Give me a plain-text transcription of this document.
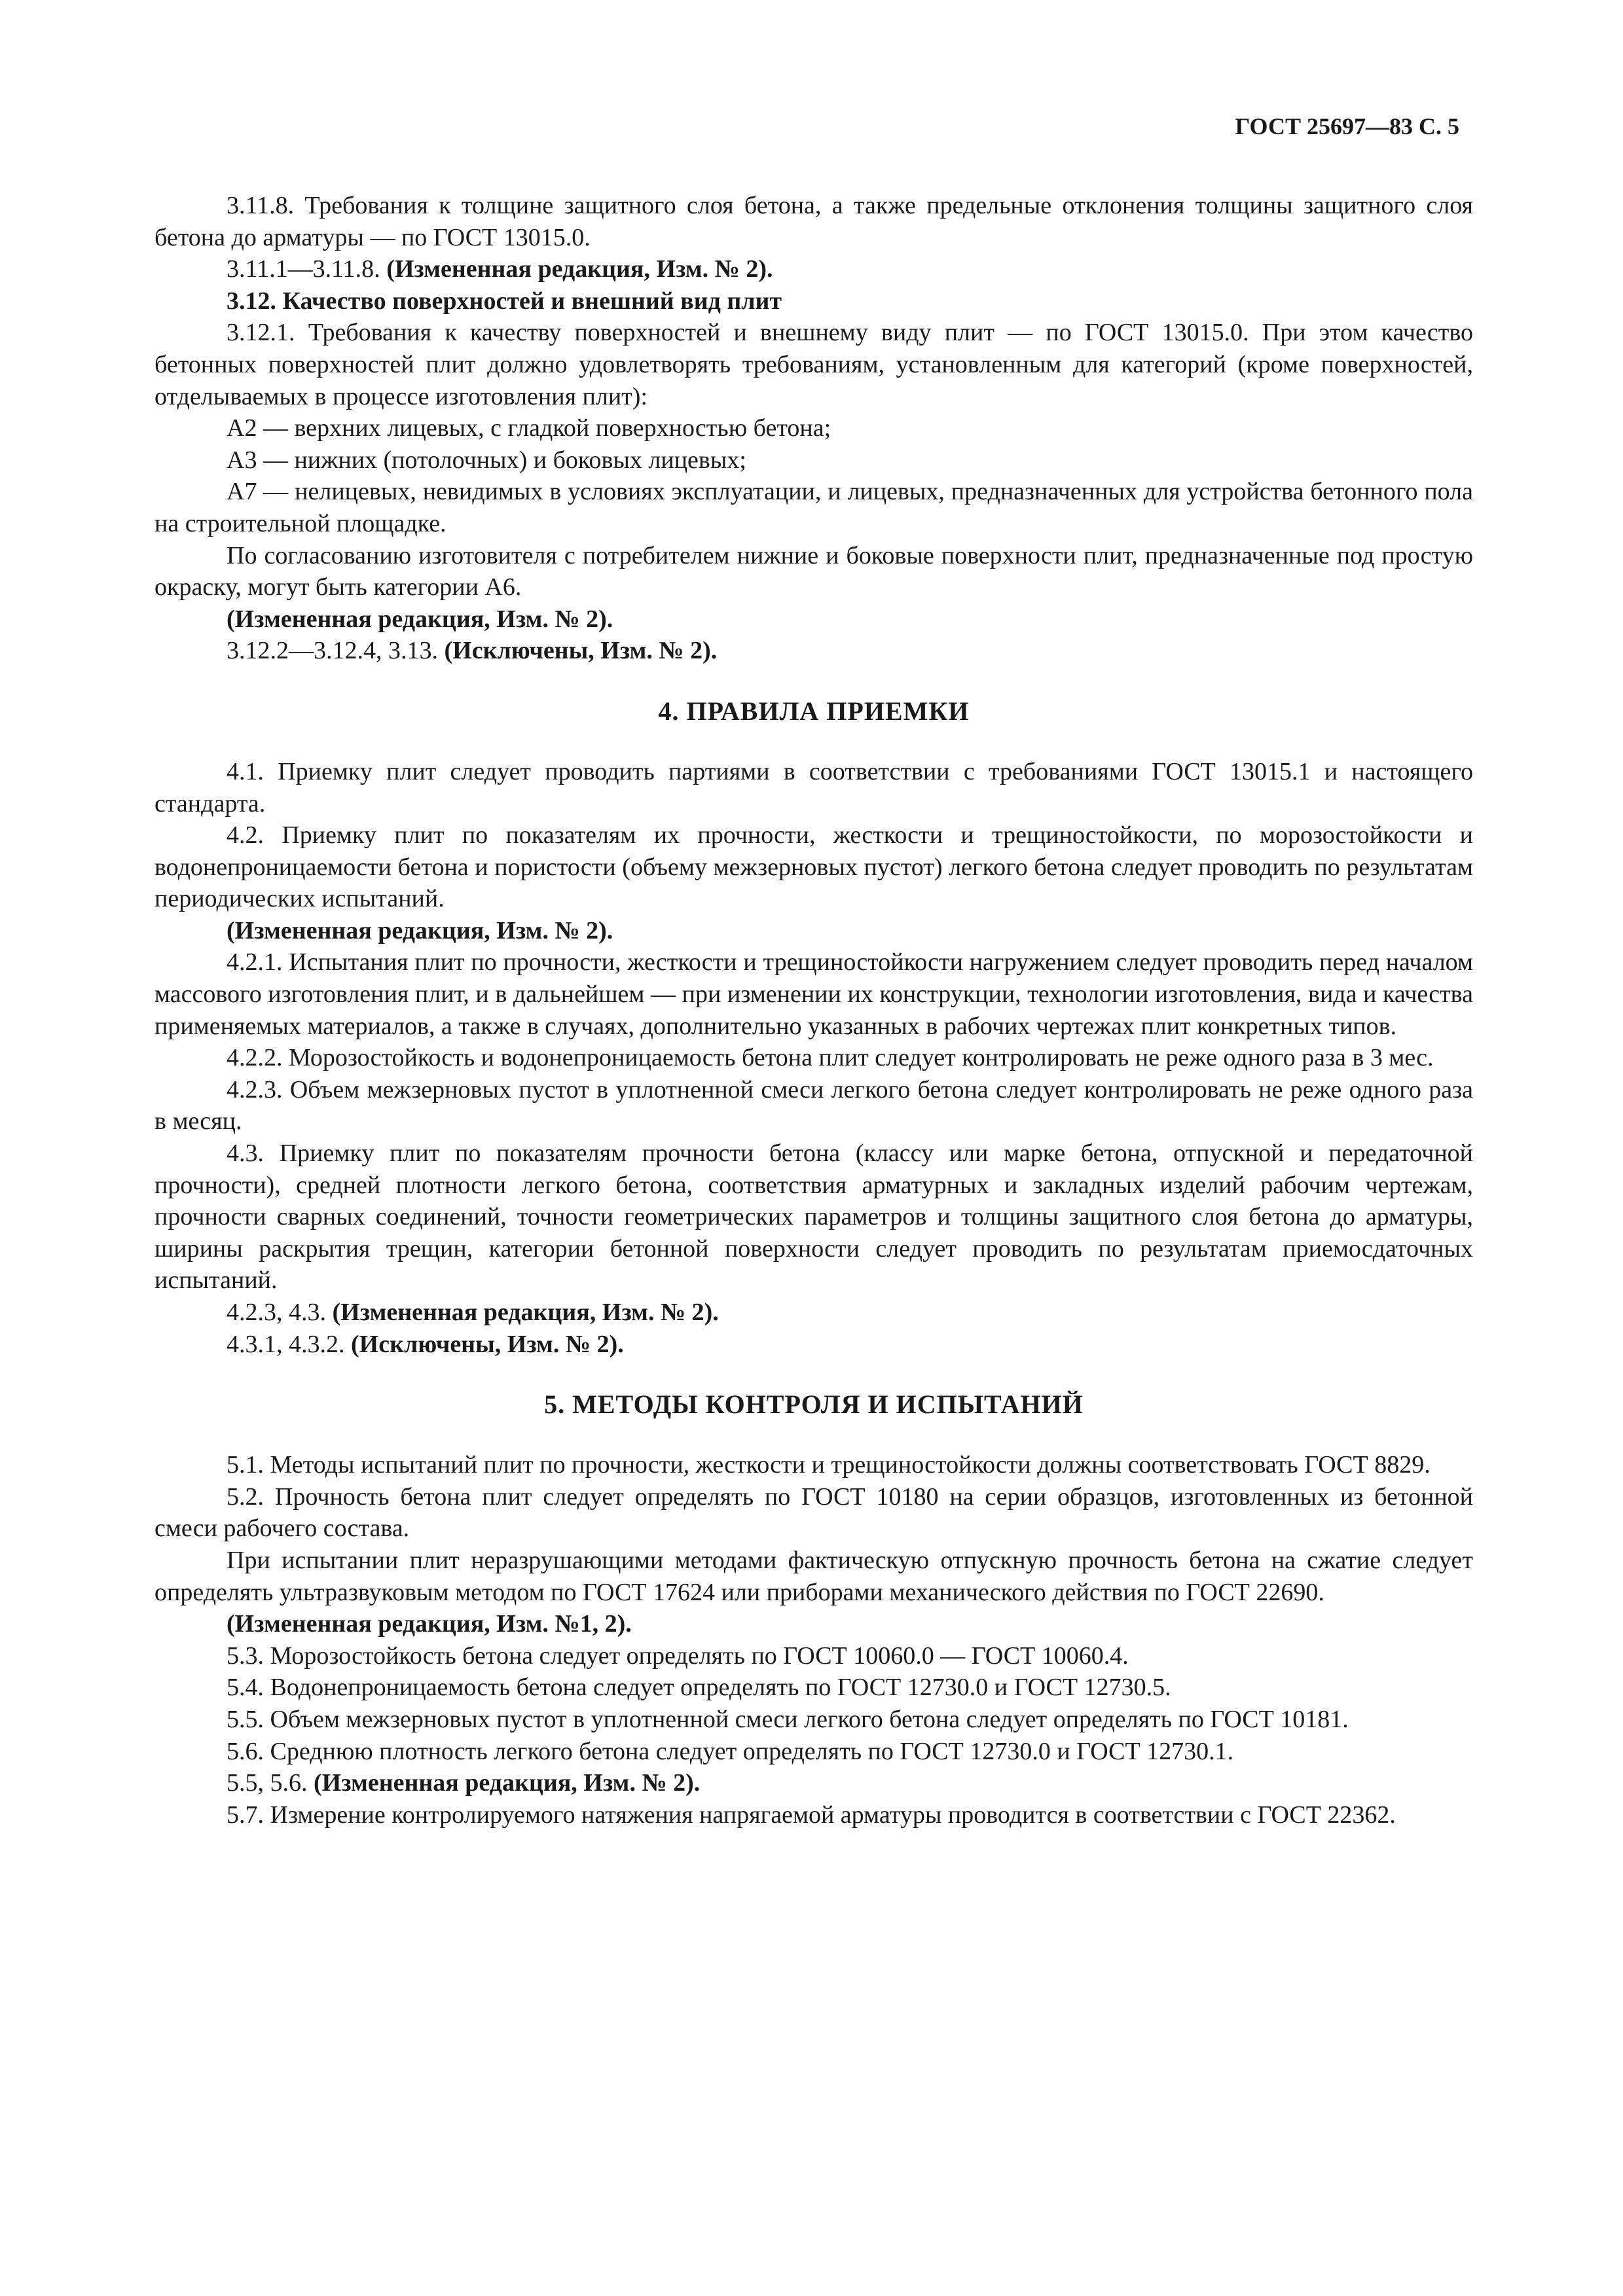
ГОСТ 25697—83 С. 5

3.11.8. Требования к толщине защитного слоя бетона, а также предельные отклонения толщины защитного слоя бетона до арматуры — по ГОСТ 13015.0.

3.11.1—3.11.8. (Измененная редакция, Изм. № 2).

3.12. Качество поверхностей и внешний вид плит

3.12.1. Требования к качеству поверхностей и внешнему виду плит — по ГОСТ 13015.0. При этом качество бетонных поверхностей плит должно удовлетворять требованиям, установленным для категорий (кроме поверхностей, отделываемых в процессе изготовления плит):

А2 — верхних лицевых, с гладкой поверхностью бетона;

А3 — нижних (потолочных) и боковых лицевых;

А7 — нелицевых, невидимых в условиях эксплуатации, и лицевых, предназначенных для устройства бетонного пола на строительной площадке.

По согласованию изготовителя с потребителем нижние и боковые поверхности плит, предназначенные под простую окраску, могут быть категории А6.

(Измененная редакция, Изм. № 2).

3.12.2—3.12.4, 3.13. (Исключены, Изм. № 2).

4. ПРАВИЛА ПРИЕМКИ

4.1. Приемку плит следует проводить партиями в соответствии с требованиями ГОСТ 13015.1 и настоящего стандарта.

4.2. Приемку плит по показателям их прочности, жесткости и трещиностойкости, по морозостойкости и водонепроницаемости бетона и пористости (объему межзерновых пустот) легкого бетона следует проводить по результатам периодических испытаний.

(Измененная редакция, Изм. № 2).

4.2.1. Испытания плит по прочности, жесткости и трещиностойкости нагружением следует проводить перед началом массового изготовления плит, и в дальнейшем — при изменении их конструкции, технологии изготовления, вида и качества применяемых материалов, а также в случаях, дополнительно указанных в рабочих чертежах плит конкретных типов.

4.2.2. Морозостойкость и водонепроницаемость бетона плит следует контролировать не реже одного раза в 3 мес.

4.2.3. Объем межзерновых пустот в уплотненной смеси легкого бетона следует контролировать не реже одного раза в месяц.

4.3. Приемку плит по показателям прочности бетона (классу или марке бетона, отпускной и передаточной прочности), средней плотности легкого бетона, соответствия арматурных и закладных изделий рабочим чертежам, прочности сварных соединений, точности геометрических параметров и толщины защитного слоя бетона до арматуры, ширины раскрытия трещин, категории бетонной поверхности следует проводить по результатам приемосдаточных испытаний.

4.2.3, 4.3. (Измененная редакция, Изм. № 2).

4.3.1, 4.3.2. (Исключены, Изм. № 2).

5. МЕТОДЫ КОНТРОЛЯ И ИСПЫТАНИЙ

5.1. Методы испытаний плит по прочности, жесткости и трещиностойкости должны соответствовать ГОСТ 8829.

5.2. Прочность бетона плит следует определять по ГОСТ 10180 на серии образцов, изготовленных из бетонной смеси рабочего состава.

При испытании плит неразрушающими методами фактическую отпускную прочность бетона на сжатие следует определять ультразвуковым методом по ГОСТ 17624 или приборами механического действия по ГОСТ 22690.

(Измененная редакция, Изм. №1, 2).

5.3. Морозостойкость бетона следует определять по ГОСТ 10060.0 — ГОСТ 10060.4.

5.4. Водонепроницаемость бетона следует определять по ГОСТ 12730.0 и ГОСТ 12730.5.

5.5. Объем межзерновых пустот в уплотненной смеси легкого бетона следует определять по ГОСТ 10181.

5.6. Среднюю плотность легкого бетона следует определять по ГОСТ 12730.0 и ГОСТ 12730.1.

5.5, 5.6. (Измененная редакция, Изм. № 2).

5.7. Измерение контролируемого натяжения напрягаемой арматуры проводится в соответствии с ГОСТ 22362.
